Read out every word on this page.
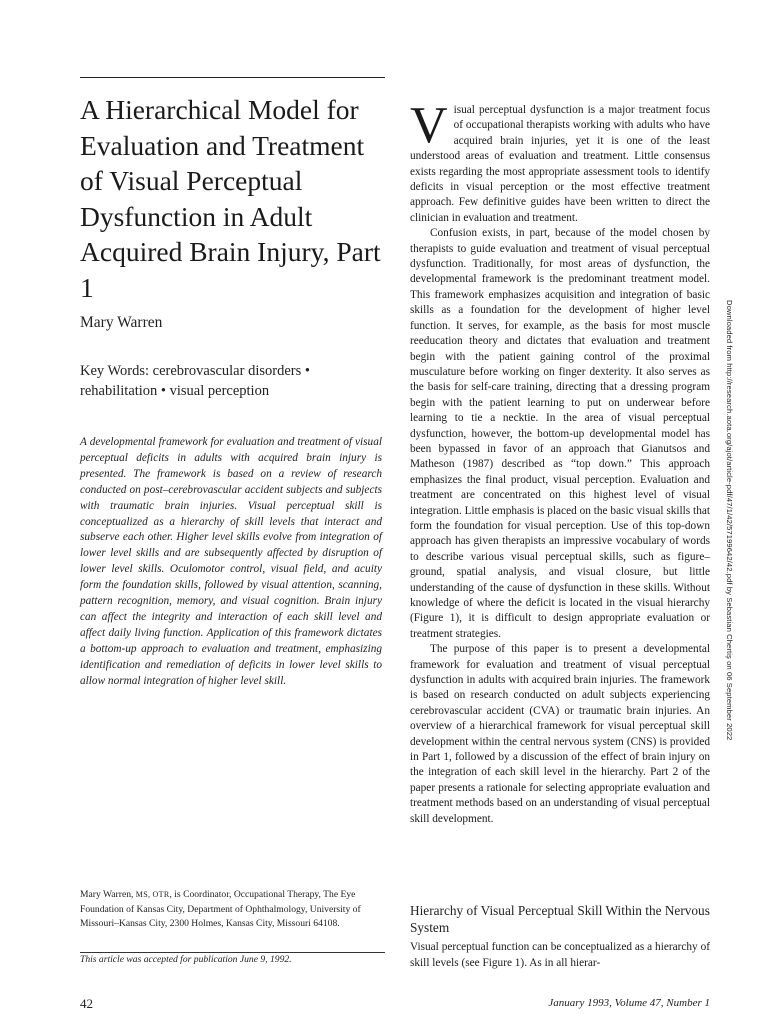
A Hierarchical Model for Evaluation and Treatment of Visual Perceptual Dysfunction in Adult Acquired Brain Injury, Part 1
Mary Warren
Key Words: cerebrovascular disorders • rehabilitation • visual perception
A developmental framework for evaluation and treatment of visual perceptual deficits in adults with acquired brain injury is presented. The framework is based on a review of research conducted on post–cerebrovascular accident subjects and subjects with traumatic brain injuries. Visual perceptual skill is conceptualized as a hierarchy of skill levels that interact and subserve each other. Higher level skills evolve from integration of lower level skills and are subsequently affected by disruption of lower level skills. Oculomotor control, visual field, and acuity form the foundation skills, followed by visual attention, scanning, pattern recognition, memory, and visual cognition. Brain injury can affect the integrity and interaction of each skill level and affect daily living function. Application of this framework dictates a bottom-up approach to evaluation and treatment, emphasizing identification and remediation of deficits in lower level skills to allow normal integration of higher level skill.
Mary Warren, MS, OTR, is Coordinator, Occupational Therapy, The Eye Foundation of Kansas City, Department of Ophthalmology, University of Missouri–Kansas City, 2300 Holmes, Kansas City, Missouri 64108.
This article was accepted for publication June 9, 1992.

Visual perceptual dysfunction is a major treatment focus of occupational therapists working with adults who have acquired brain injuries, yet it is one of the least understood areas of evaluation and treatment. Little consensus exists regarding the most appropriate assessment tools to identify deficits in visual perception or the most effective treatment approach. Few definitive guides have been written to direct the clinician in evaluation and treatment.

Confusion exists, in part, because of the model chosen by therapists to guide evaluation and treatment of visual perceptual dysfunction. Traditionally, for most areas of dysfunction, the developmental framework is the predominant treatment model. This framework emphasizes acquisition and integration of basic skills as a foundation for the development of higher level function. It serves, for example, as the basis for most muscle reeducation theory and dictates that evaluation and treatment begin with the patient gaining control of the proximal musculature before working on finger dexterity. It also serves as the basis for self-care training, directing that a dressing program begin with the patient learning to put on underwear before learning to tie a necktie. In the area of visual perceptual dysfunction, however, the bottom-up developmental model has been bypassed in favor of an approach that Gianutsos and Matheson (1987) described as “top down.” This approach emphasizes the final product, visual perception. Evaluation and treatment are concentrated on this highest level of visual integration. Little emphasis is placed on the basic visual skills that form the foundation for visual perception. Use of this top-down approach has given therapists an impressive vocabulary of words to describe various visual perceptual skills, such as figure–ground, spatial analysis, and visual closure, but little understanding of the cause of dysfunction in these skills. Without knowledge of where the deficit is located in the visual hierarchy (Figure 1), it is difficult to design appropriate evaluation or treatment strategies.

The purpose of this paper is to present a developmental framework for evaluation and treatment of visual perceptual dysfunction in adults with acquired brain injuries. The framework is based on research conducted on adult subjects experiencing cerebrovascular accident (CVA) or traumatic brain injuries. An overview of a hierarchical framework for visual perceptual skill development within the central nervous system (CNS) is provided in Part 1, followed by a discussion of the effect of brain injury on the integration of each skill level in the hierarchy. Part 2 of the paper presents a rationale for selecting appropriate evaluation and treatment methods based on an understanding of visual perceptual skill development.

Hierarchy of Visual Perceptual Skill Within the Nervous System

Visual perceptual function can be conceptualized as a hierarchy of skill levels (see Figure 1). As in all hierar-

42	January 1993, Volume 47, Number 1
Downloaded from http://research.aota.org/ajot/article-pdf/47/1/42/57199642/42.pdf by Sebastian Chertiş on 06 September 2022
